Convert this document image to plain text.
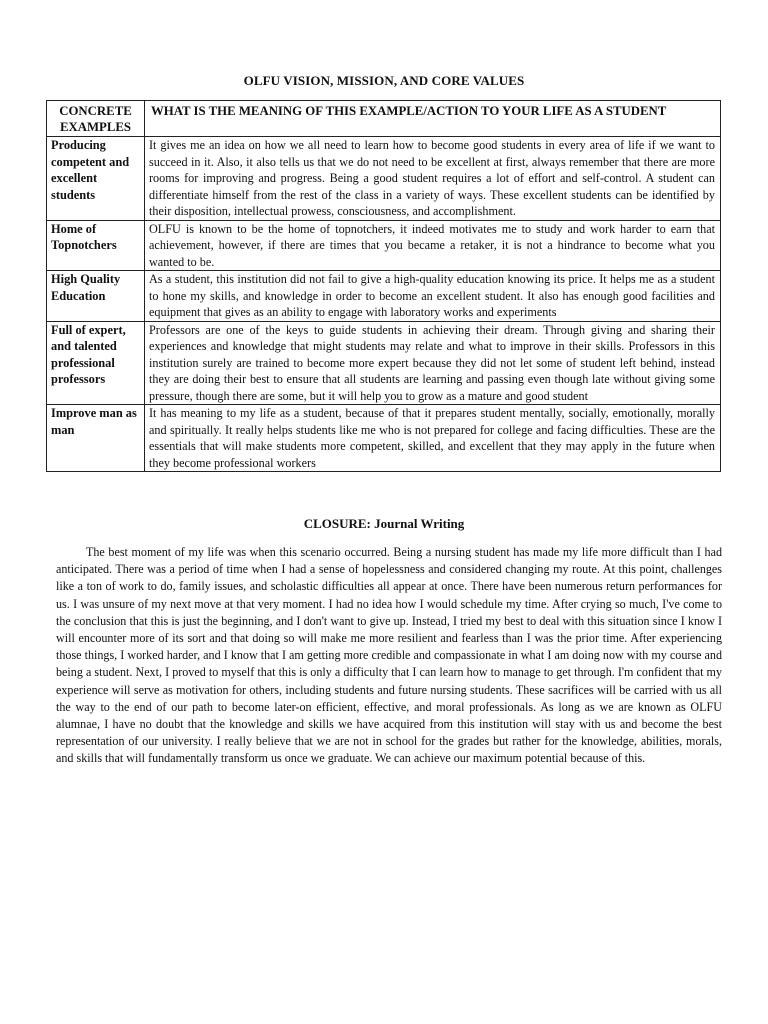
OLFU VISION, MISSION, AND CORE VALUES
CONCRETE EXAMPLES	WHAT IS THE MEANING OF THIS EXAMPLE/ACTION TO YOUR LIFE AS A STUDENT
Producing competent and excellent students	It gives me an idea on how we all need to learn how to become good students in every area of life if we want to succeed in it. Also, it also tells us that we do not need to be excellent at first, always remember that there are more rooms for improving and progress. Being a good student requires a lot of effort and self-control. A student can differentiate himself from the rest of the class in a variety of ways. These excellent students can be identified by their disposition, intellectual prowess, consciousness, and accomplishment.
Home of Topnotchers	OLFU is known to be the home of topnotchers, it indeed motivates me to study and work harder to earn that achievement, however, if there are times that you became a retaker, it is not a hindrance to become what you wanted to be.
High Quality Education	As a student, this institution did not fail to give a high-quality education knowing its price. It helps me as a student to hone my skills, and knowledge in order to become an excellent student. It also has enough good facilities and equipment that gives as an ability to engage with laboratory works and experiments
Full of expert, and talented professional professors	Professors are one of the keys to guide students in achieving their dream. Through giving and sharing their experiences and knowledge that might students may relate and what to improve in their skills. Professors in this institution surely are trained to become more expert because they did not let some of student left behind, instead they are doing their best to ensure that all students are learning and passing even though late without giving some pressure, though there are some, but it will help you to grow as a mature and good student
Improve man as man	It has meaning to my life as a student, because of that it prepares student mentally, socially, emotionally, morally and spiritually. It really helps students like me who is not prepared for college and facing difficulties. These are the essentials that will make students more competent, skilled, and excellent that they may apply in the future when they become professional workers
CLOSURE: Journal Writing

The best moment of my life was when this scenario occurred. Being a nursing student has made my life more difficult than I had anticipated. There was a period of time when I had a sense of hopelessness and considered changing my route. At this point, challenges like a ton of work to do, family issues, and scholastic difficulties all appear at once. There have been numerous return performances for us. I was unsure of my next move at that very moment. I had no idea how I would schedule my time. After crying so much, I've come to the conclusion that this is just the beginning, and I don't want to give up. Instead, I tried my best to deal with this situation since I know I will encounter more of its sort and that doing so will make me more resilient and fearless than I was the prior time. After experiencing those things, I worked harder, and I know that I am getting more credible and compassionate in what I am doing now with my course and being a student. Next, I proved to myself that this is only a difficulty that I can learn how to manage to get through. I'm confident that my experience will serve as motivation for others, including students and future nursing students. These sacrifices will be carried with us all the way to the end of our path to become later-on efficient, effective, and moral professionals. As long as we are known as OLFU alumnae, I have no doubt that the knowledge and skills we have acquired from this institution will stay with us and become the best representation of our university. I really believe that we are not in school for the grades but rather for the knowledge, abilities, morals, and skills that will fundamentally transform us once we graduate. We can achieve our maximum potential because of this.
